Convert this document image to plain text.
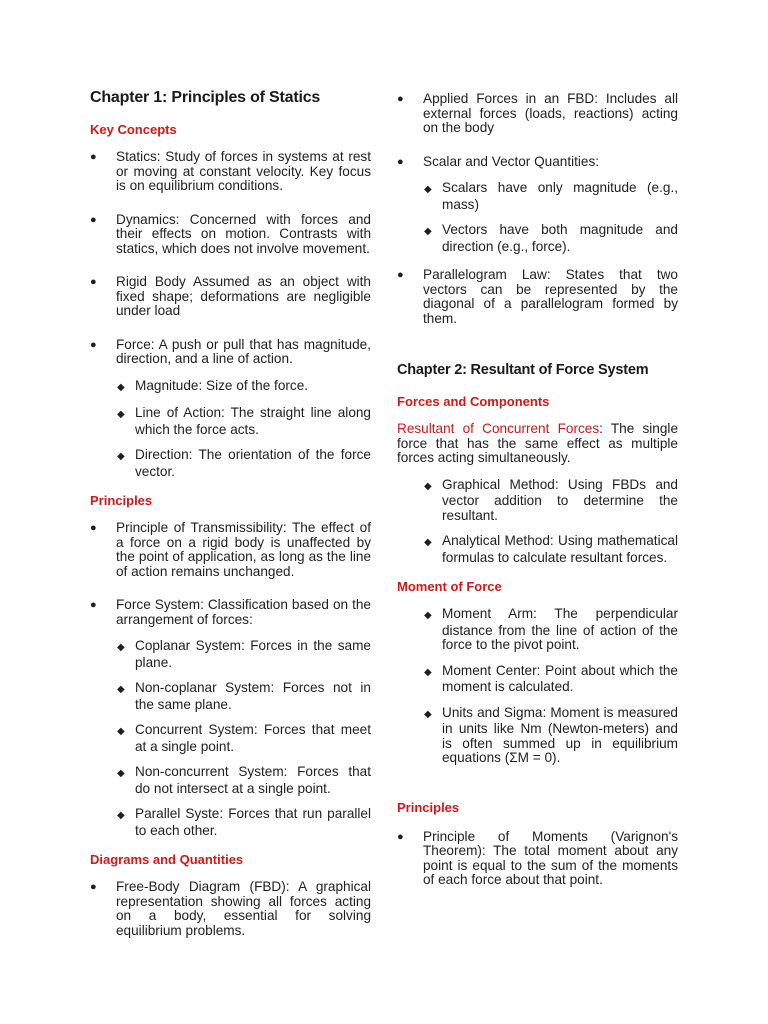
Chapter 1: Principles of Statics
Key Concepts
● Statics: Study of forces in systems at rest or moving at constant velocity. Key focus is on equilibrium conditions.
● Dynamics: Concerned with forces and their effects on motion. Contrasts with statics, which does not involve movement.
● Rigid Body Assumed as an object with fixed shape; deformations are negligible under load
● Force: A push or pull that has magnitude, direction, and a line of action.
◆ Magnitude: Size of the force.
◆ Line of Action: The straight line along which the force acts.
◆ Direction: The orientation of the force vector.
Principles
● Principle of Transmissibility: The effect of a force on a rigid body is unaffected by the point of application, as long as the line of action remains unchanged.
● Force System: Classification based on the arrangement of forces:
◆ Coplanar System: Forces in the same plane.
◆ Non-coplanar System: Forces not in the same plane.
◆ Concurrent System: Forces that meet at a single point.
◆ Non-concurrent System: Forces that do not intersect at a single point.
◆ Parallel Syste: Forces that run parallel to each other.
Diagrams and Quantities
● Free-Body Diagram (FBD): A graphical representation showing all forces acting on a body, essential for solving equilibrium problems.
● Applied Forces in an FBD: Includes all external forces (loads, reactions) acting on the body
● Scalar and Vector Quantities:
◆ Scalars have only magnitude (e.g., mass)
◆ Vectors have both magnitude and direction (e.g., force).
● Parallelogram Law: States that two vectors can be represented by the diagonal of a parallelogram formed by them.
Chapter 2: Resultant of Force System
Forces and Components

Resultant of Concurrent Forces: The single force that has the same effect as multiple forces acting simultaneously.

◆ Graphical Method: Using FBDs and vector addition to determine the resultant.
◆ Analytical Method: Using mathematical formulas to calculate resultant forces.
Moment of Force
◆ Moment Arm: The perpendicular distance from the line of action of the force to the pivot point.
◆ Moment Center: Point about which the moment is calculated.
◆ Units and Sigma: Moment is measured in units like Nm (Newton-meters) and is often summed up in equilibrium equations (ΣM = 0).
Principles
● Principle of Moments (Varignon's Theorem): The total moment about any point is equal to the sum of the moments of each force about that point.
